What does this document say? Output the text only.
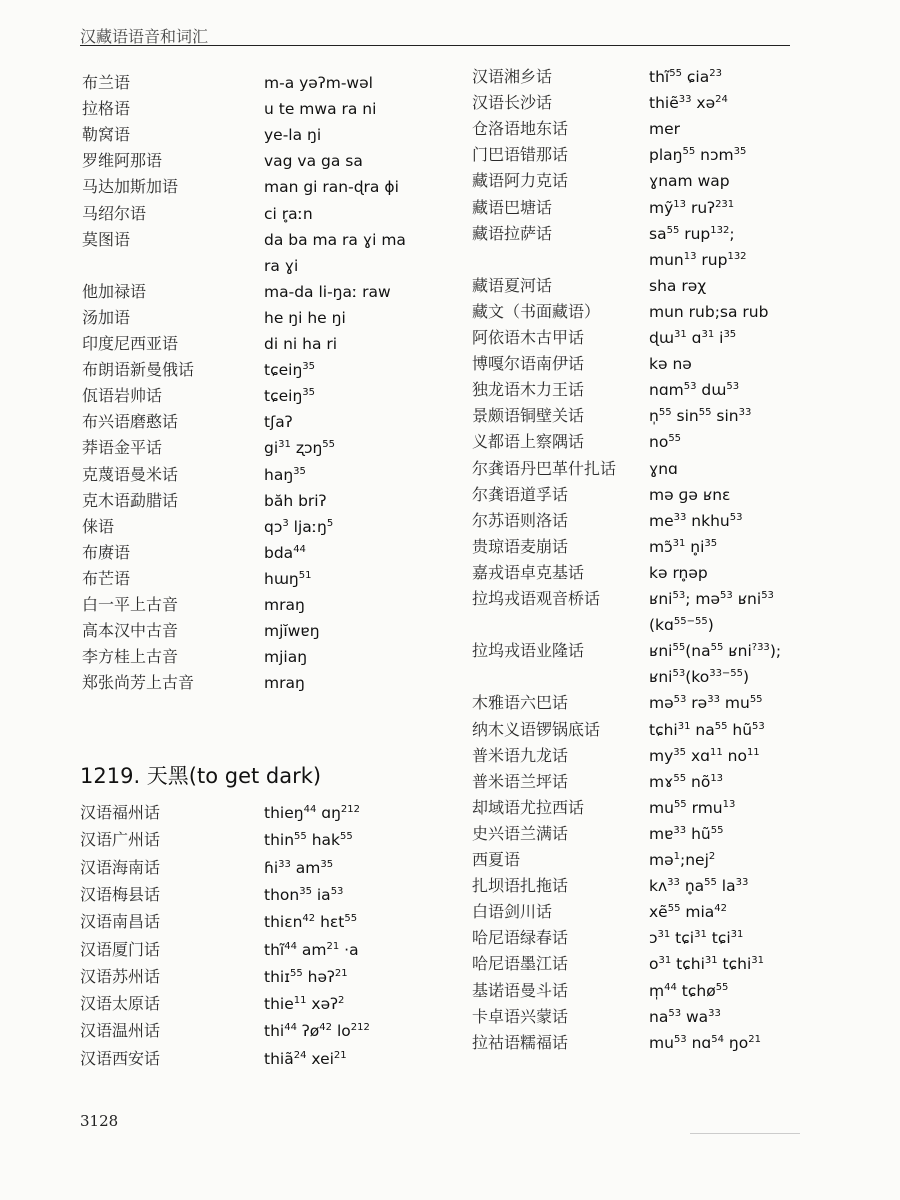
汉藏语语音和词汇
布兰语	m-a yəʔm-wəl
拉格语	u te mwa ra ni
勒窝语	ye-la ŋi
罗维阿那语	vag va ga sa
马达加斯加语	man gi ran-ɖra ɸi
马绍尔语	ci r̥aːn
莫图语	da ba ma ra ɣi ma
ra ɣi
他加禄语	ma-da li-ŋaː raw
汤加语	he ŋi he ŋi
印度尼西亚语	di ni ha ri
布朗语新曼俄话	tɕeiŋ$^{35}$
佤语岩帅话	tɕeiŋ$^{35}$
布兴语磨憨话	tʃaʔ
莽语金平话	$gi^{31}$ ʐɔŋ$^{55}$
克蔑语曼米话	haŋ$^{35}$
克木语勐腊话	băh briʔ
俫语	qɔ$^3$ ljaːŋ$^5$
布赓语	bda$^{44}$
布芒语	hɯŋ$^{51}$
白一平上古音	mraŋ
高本汉中古音	mjĭwɐŋ
李方桂上古音	mjiaŋ
郑张尚芳上古音	mraŋ
1219. 天黑(to get dark)
汉语福州话	thieŋ$^{44}$ ɑŋ$^{212}$
汉语广州话	thin$^{55}$ hak$^{55}$
汉语海南话	ɦi$^{33}$ $am^{35}$
汉语梅县话	thon$^{35}$ $ia^{53}$
汉语南昌话	thiɛn$^{42}$ hɛt$^{55}$
汉语厦门话	thĩ$^{44}$ $am^{21} \cdot a$
汉语苏州话	thiɪ$^{55}$ həʔ$^{21}$
汉语太原话	thie$^{11}$ xəʔ$^2$
汉语温州话	thi$^{44}$ ʔø$^{42}$ $lo^{212}$
汉语西安话	thiã$^{24}$ xei$^{21}$
汉语湘乡话	thĩ$^{55}$ ɕia$^{23}$
汉语长沙话	thiẽ$^{33}$ xə$^{24}$
仓洛语地东话	mer
门巴语错那话	plaŋ$^{55}$ nɔm$^{35}$
藏语阿力克话	ɣnam wap
藏语巴塘话	mỹ$^{13}$ ruʔ$^{231}$
藏语拉萨话	$sa^{55}$ rup$^{132}$;
mun$^{13}$ rup$^{132}$
藏语夏河话	sha rəχ
藏文（书面藏语）	mun rub;sa rub
阿依语木古甲话	ɖɯ$^{31}$ ɑ$^{31}$ $i^{35}$
博嘎尔语南伊话	kə nə
独龙语木力王话	nɑm$^{53}$ dɯ$^{53}$
景颇语铜壁关话	n̩$^{55}$ $\sin^{55} \sin^{33}$
义都语上察隅话	$no^{55}$
尔龚语丹巴革什扎话 ɣnɑ
尔龚语道孚话	mə ɡə ʁnɛ
尔苏语则洛话	$me^{33}$ nkhu$^{53}$
贵琼语麦崩话	mɔ̃$^{31}$ $n̥i^{35}$
嘉戎语卓克基话	kə rn̥əp
拉坞戎语观音桥话	ʁni$^{53}$; mə$^{53}$ ʁni$^{53}$
(kɑ$^{55-55}$)
拉坞戎语业隆话	$ʁni^{55}(na^{55}$ ʁni$^{?33}$);
$ʁni^{53}(ko^{33-55})$
木雅语六巴话	mə$^{53}$ rə$^{33}$ $mu^{55}$
纳木义语锣锅底话	tɕhi$^{31}$ $na^{55}$ $hũ^{53}$
普米语九龙话	$my^{35}$ xɑ$^{11}$ $no^{11}$
普米语兰坪话	mɤ$^{55}$ $nõ^{13}$
却域语尤拉西话	$mu^{55}$ rmu$^{13}$
史兴语兰满话	mɐ$^{33}$ $hũ^{55}$
西夏语	mə$^1$;nej$^2$
扎坝语扎拖话	kʌ$^{33}$ $n̥a^{55}$ $la^{33}$
白语剑川话	xẽ$^{55}$ mia$^{42}$
哈尼语绿春话	ɔ$^{31}$ tɕi$^{31}$ tɕi$^{31}$
哈尼语墨江话	$o^{31}$ tɕhi$^{31}$ tɕhi$^{31}$
基诺语曼斗话	m̩$^{44}$ tɕhø$^{55}$
卡卓语兴蒙话	$na^{53}$ $wa^{33}$
拉祜语糯福话	$mu^{53}$ nɑ$^{54}$ $ŋo^{21}$
3128
